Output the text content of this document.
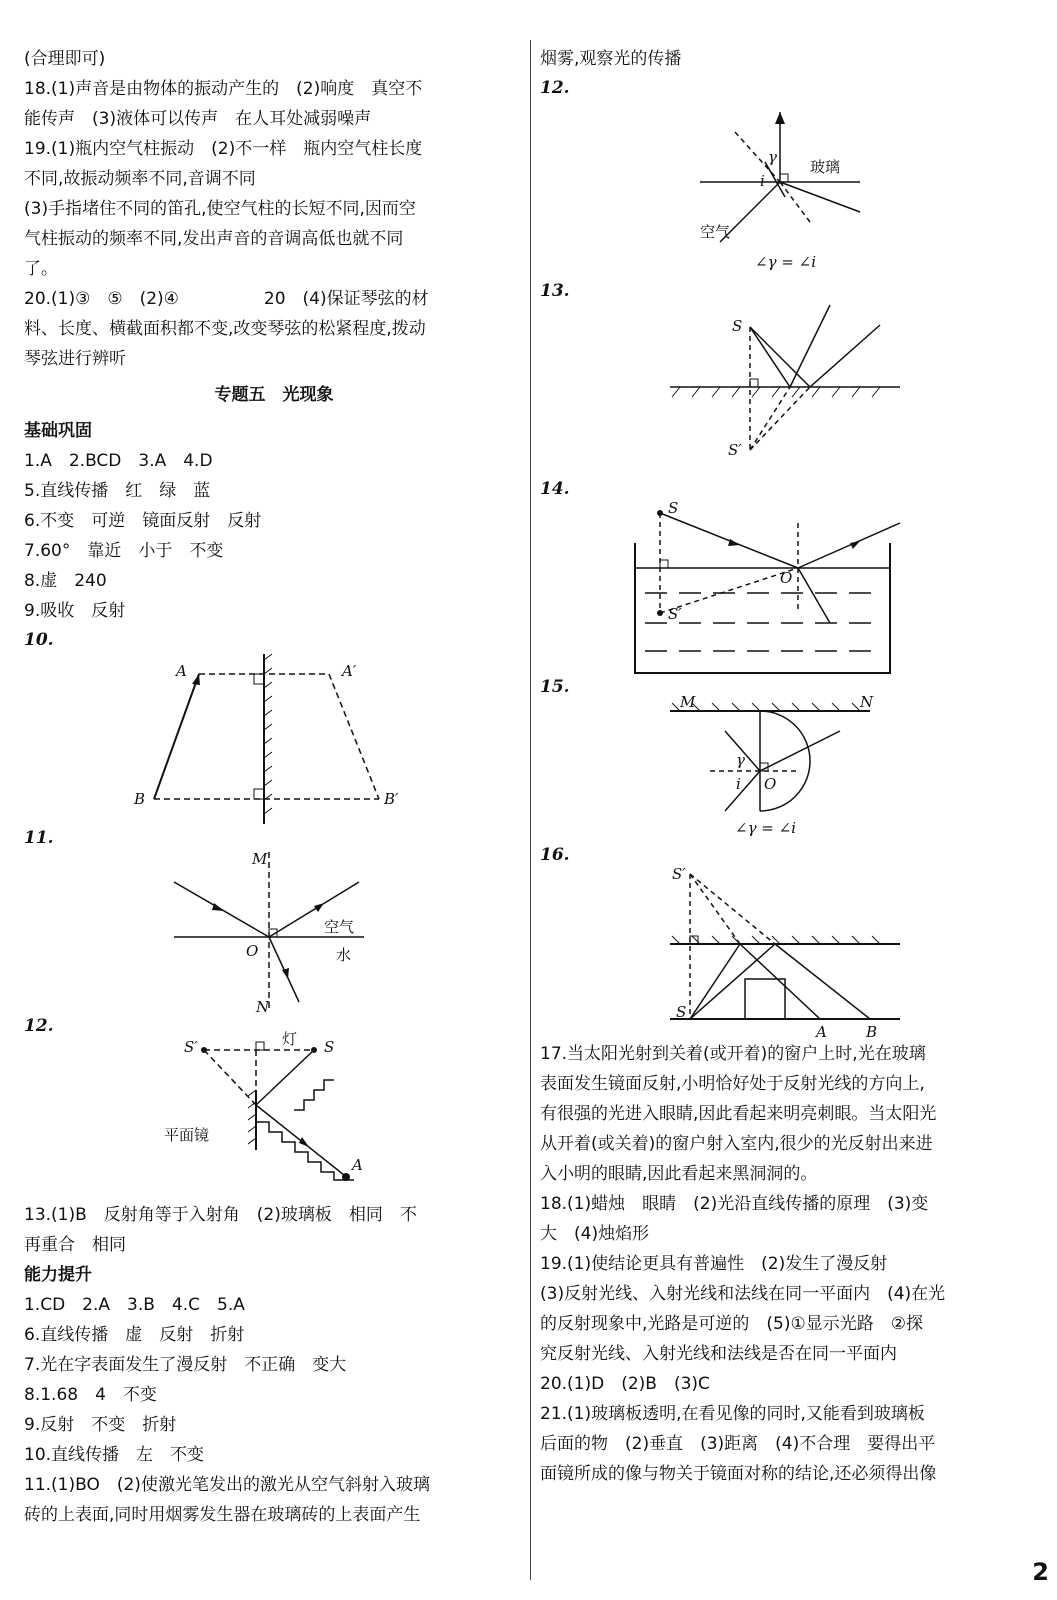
(合理即可)
18.(1)声音是由物体的振动产生的　(2)响度　真空不
能传声　(3)液体可以传声　在人耳处减弱噪声
19.(1)瓶内空气柱振动　(2)不一样　瓶内空气柱长度
不同,故振动频率不同,音调不同
(3)手指堵住不同的笛孔,使空气柱的长短不同,因而空
气柱振动的频率不同,发出声音的音调高低也就不同
了。
20.(1)③　⑤　(2)④　　　　　20　(4)保证琴弦的材
料、长度、横截面积都不变,改变琴弦的松紧程度,拨动
琴弦进行辨听
专题五　光现象
基础巩固
1.A　2.BCD　3.A　4.D
5.直线传播　红　绿　蓝
6.不变　可逆　镜面反射　反射
7.60°　靠近　小于　不变
8.虚　240
9.吸收　反射
10.
A	A′
B	B′
11.
M
N
O
空气
水
12.
S′	S
灯
平面镜
A
13.(1)B　反射角等于入射角　(2)玻璃板　相同　不
再重合　相同
能力提升
1.CD　2.A　3.B　4.C　5.A
6.直线传播　虚　反射　折射
7.光在字表面发生了漫反射　不正确　变大
8.1.68　4　不变
9.反射　不变　折射
10.直线传播　左　不变
11.(1)BO　(2)使激光笔发出的激光从空气斜射入玻璃
砖的上表面,同时用烟雾发生器在玻璃砖的上表面产生
烟雾,观察光的传播
12.
γ
i
玻璃
空气
∠γ = ∠i
13.
S
S′
14.
S
O
S′
15.
M	N
γ
i O
∠γ = ∠i
16.
S′
S
A	B
17.当太阳光射到关着(或开着)的窗户上时,光在玻璃
表面发生镜面反射,小明恰好处于反射光线的方向上,
有很强的光进入眼睛,因此看起来明亮刺眼。当太阳光
从开着(或关着)的窗户射入室内,很少的光反射出来进
入小明的眼睛,因此看起来黑洞洞的。
18.(1)蜡烛　眼睛　(2)光沿直线传播的原理　(3)变
大　(4)烛焰形
19.(1)使结论更具有普遍性　(2)发生了漫反射
(3)反射光线、入射光线和法线在同一平面内　(4)在光
的反射现象中,光路是可逆的　(5)①显示光路　②探
究反射光线、入射光线和法线是否在同一平面内
20.(1)D　(2)B　(3)C
21.(1)玻璃板透明,在看见像的同时,又能看到玻璃板
后面的物　(2)垂直　(3)距离　(4)不合理　要得出平
面镜所成的像与物关于镜面对称的结论,还必须得出像
2
